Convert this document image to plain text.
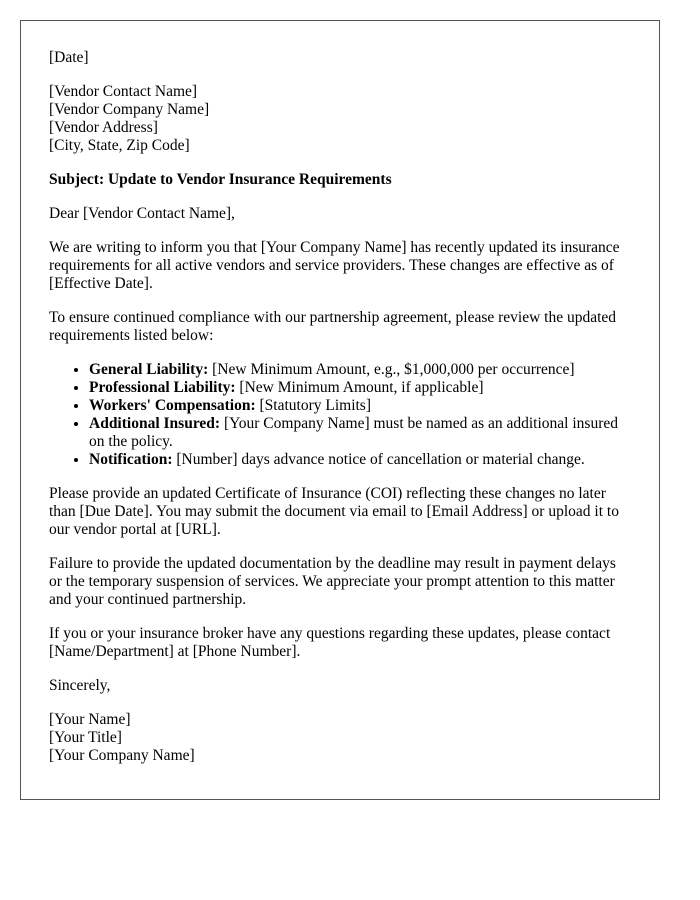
[Date]
[Vendor Contact Name]
[Vendor Company Name]
[Vendor Address]
[City, State, Zip Code]

Subject: Update to Vendor Insurance Requirements

Dear [Vendor Contact Name],

We are writing to inform you that [Your Company Name] has recently updated its insurance requirements for all active vendors and service providers. These changes are effective as of [Effective Date].

To ensure continued compliance with our partnership agreement, please review the updated requirements listed below:

• General Liability: [New Minimum Amount, e.g., $1,000,000 per occurrence]
• Professional Liability: [New Minimum Amount, if applicable]
• Workers' Compensation: [Statutory Limits]
• Additional Insured: [Your Company Name] must be named as an additional insured on the policy.
• Notification: [Number] days advance notice of cancellation or material change.

Please provide an updated Certificate of Insurance (COI) reflecting these changes no later than [Due Date]. You may submit the document via email to [Email Address] or upload it to our vendor portal at [URL].

Failure to provide the updated documentation by the deadline may result in payment delays or the temporary suspension of services. We appreciate your prompt attention to this matter and your continued partnership.

If you or your insurance broker have any questions regarding these updates, please contact [Name/Department] at [Phone Number].

Sincerely,

[Your Name]
[Your Title]
[Your Company Name]
